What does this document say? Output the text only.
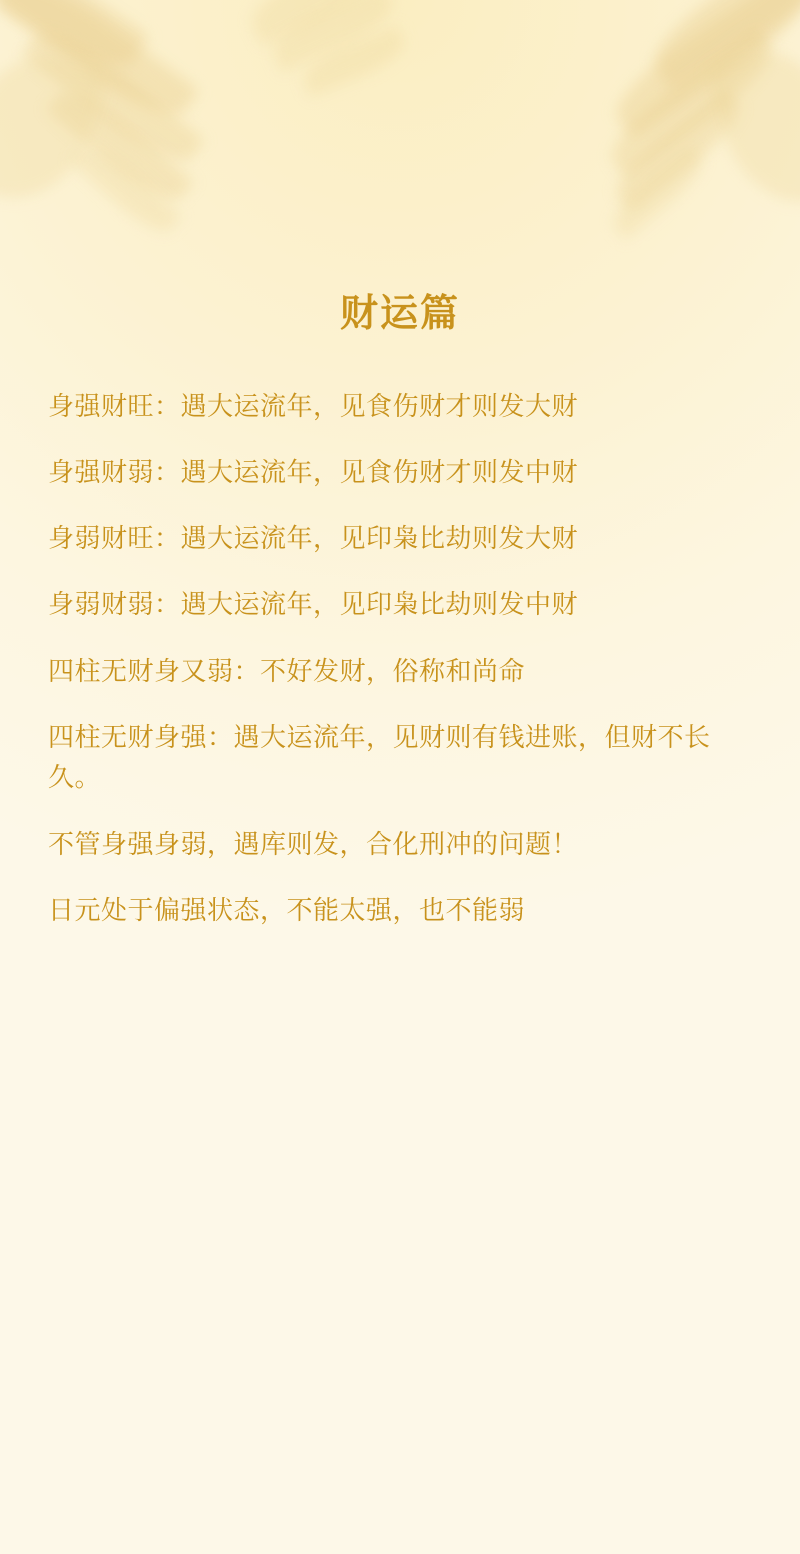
财运篇

身强财旺：遇大运流年，见食伤财才则发大财

身强财弱：遇大运流年，见食伤财才则发中财

身弱财旺：遇大运流年，见印枭比劫则发大财

身弱财弱：遇大运流年，见印枭比劫则发中财

四柱无财身又弱：不好发财，俗称和尚命

四柱无财身强：遇大运流年，见财则有钱进账，但财不长久。

不管身强身弱，遇库则发，合化刑冲的问题！

日元处于偏强状态，不能太强，也不能弱
